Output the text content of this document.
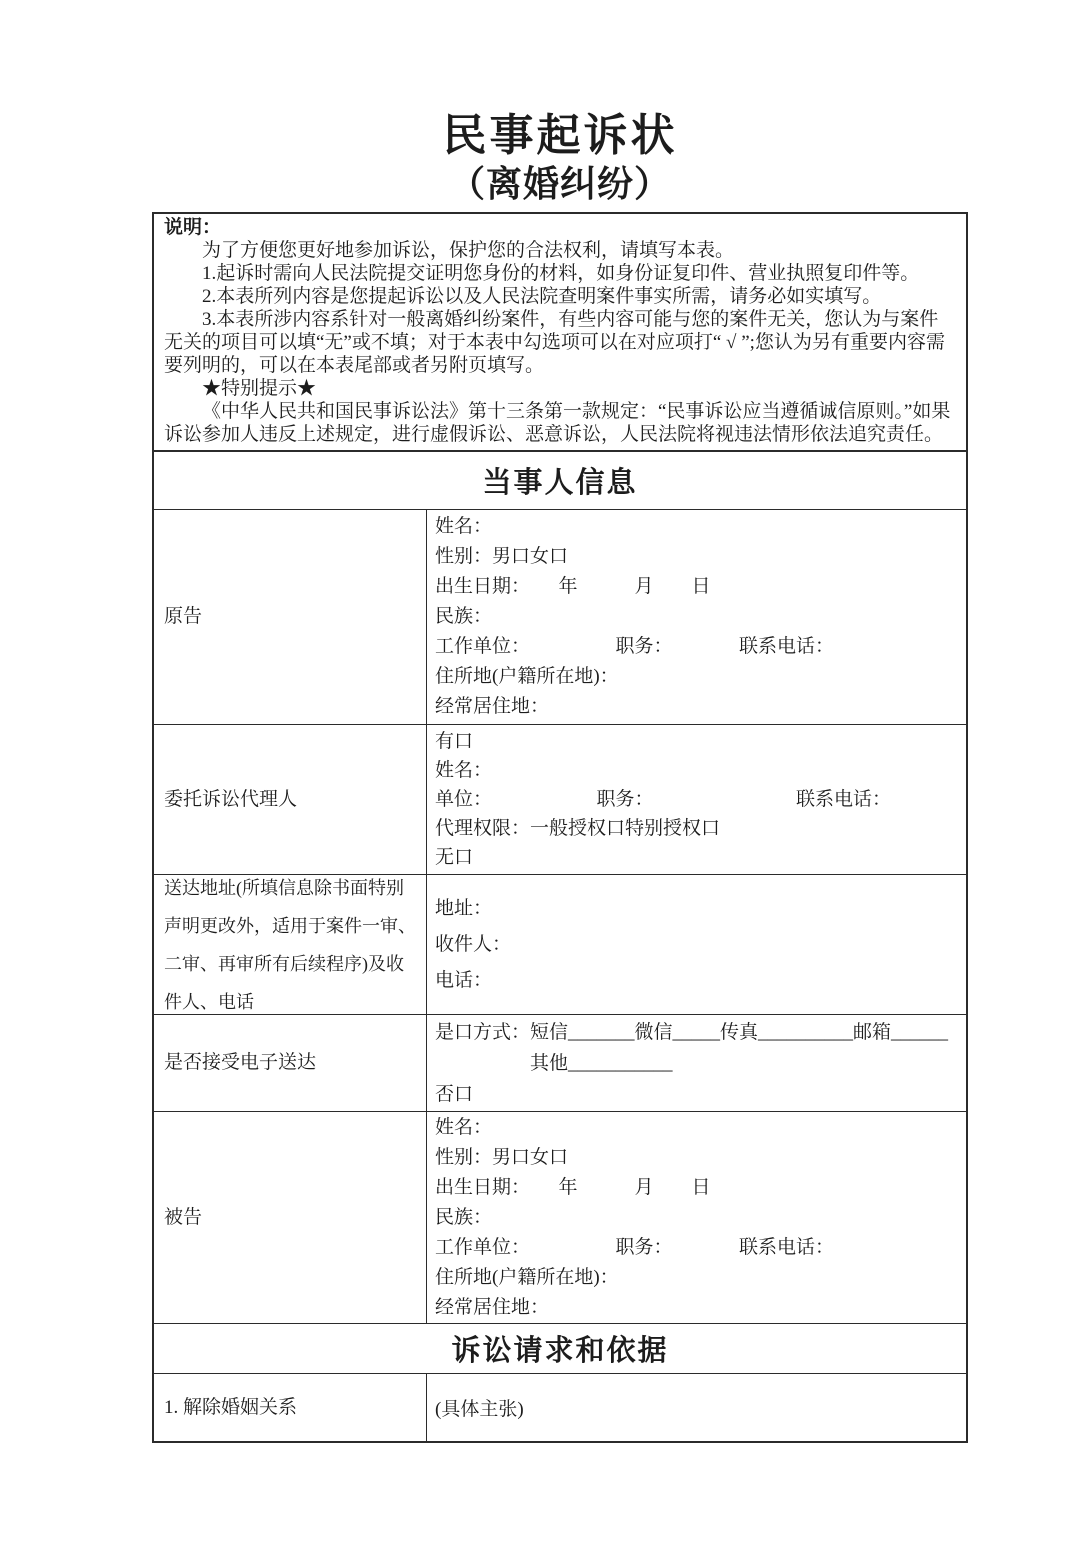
民事起诉状
（离婚纠纷）
说明：

为了方便您更好地参加诉讼，保护您的合法权利，请填写本表。

1.起诉时需向人民法院提交证明您身份的材料，如身份证复印件、营业执照复印件等。

2.本表所列内容是您提起诉讼以及人民法院查明案件事实所需，请务必如实填写。

3.本表所涉内容系针对一般离婚纠纷案件，有些内容可能与您的案件无关，您认为与案件无关的项目可以填“无”或不填；对于本表中勾选项可以在对应项打“ √ ”;您认为另有重要内容需要列明的，可以在本表尾部或者另附页填写。

★特别提示★

《中华人民共和国民事诉讼法》第十三条第一款规定：“民事诉讼应当遵循诚信原则。”如果诉讼参加人违反上述规定，进行虚假诉讼、恶意诉讼，人民法院将视违法情形依法追究责任。

当事人信息
原告
姓名：
性别：男口女口
出生日期：　　年　　　月　　日
民族：
工作单位：　　　　　职务：　　　　联系电话：
住所地(户籍所在地)：
经常居住地：
委托诉讼代理人
有口
姓名：
单位：　　　　　　职务：　　　　　　　　联系电话：
代理权限：一般授权口特别授权口
无口
送达地址(所填信息除书面特别声明更改外，适用于案件一审、二审、再审所有后续程序)及收件人、电话
地址：
收件人：
电话：
是否接受电子送达
是口方式：短信_______微信_____传真__________邮箱______
　　　　　其他___________
否口
被告
姓名：
性别：男口女口
出生日期：　　年　　　月　　日
民族：
工作单位：　　　　　职务：　　　　联系电话：
住所地(户籍所在地)：
经常居住地：
诉讼请求和依据
1. 解除婚姻关系	(具体主张)
